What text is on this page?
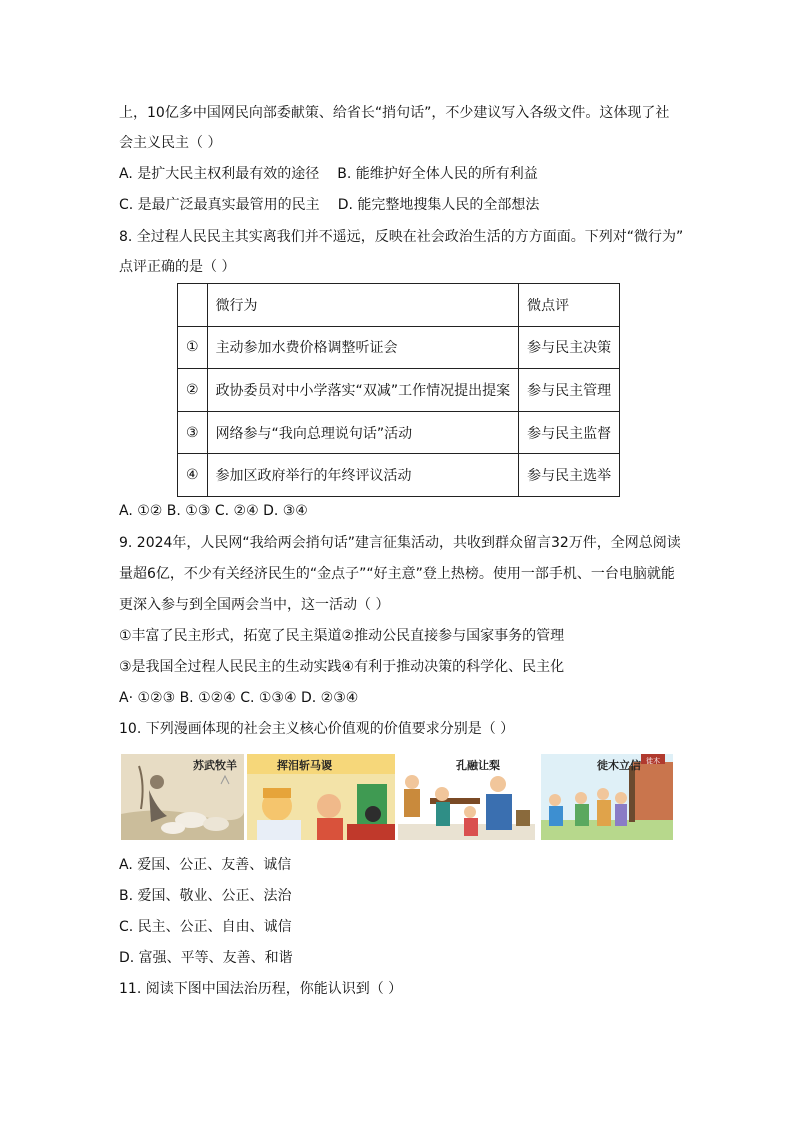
上，10亿多中国网民向部委献策、给省长“捎句话”，不少建议写入各级文件。这体现了社
会主义民主（ ）
A. 是扩大民主权利最有效的途径 B. 能维护好全体人民的所有利益
C. 是最广泛最真实最管用的民主 D. 能完整地搜集人民的全部想法
8. 全过程人民民主其实离我们并不遥远，反映在社会政治生活的方方面面。下列对“微行为”
点评正确的是（ ）
	微行为	微点评
①	主动参加水费价格调整听证会	参与民主决策
②	政协委员对中小学落实“双减”工作情况提出提案	参与民主管理
③	网络参与“我向总理说句话”活动	参与民主监督
④	参加区政府举行的年终评议活动	参与民主选举
A. ①② B. ①③ C. ②④ D. ③④
9. 2024年，人民网“我给两会捎句话”建言征集活动，共收到群众留言32万件，全网总阅读
量超6亿，不少有关经济民生的“金点子”“好主意”登上热榜。使用一部手机、一台电脑就能
更深入参与到全国两会当中，这一活动（ ）
①丰富了民主形式，拓宽了民主渠道②推动公民直接参与国家事务的管理
③是我国全过程人民民主的生动实践④有利于推动决策的科学化、民主化
A· ①②③ B. ①②④ C. ①③④ D. ②③④
10. 下列漫画体现的社会主义核心价值观的价值要求分别是（ ）
苏武牧羊	挥泪斩马谡	孔融让梨	徙木立信 徙木
A. 爱国、公正、友善、诚信
B. 爱国、敬业、公正、法治
C. 民主、公正、自由、诚信
D. 富强、平等、友善、和谐
11. 阅读下图中国法治历程，你能认识到（ ）
